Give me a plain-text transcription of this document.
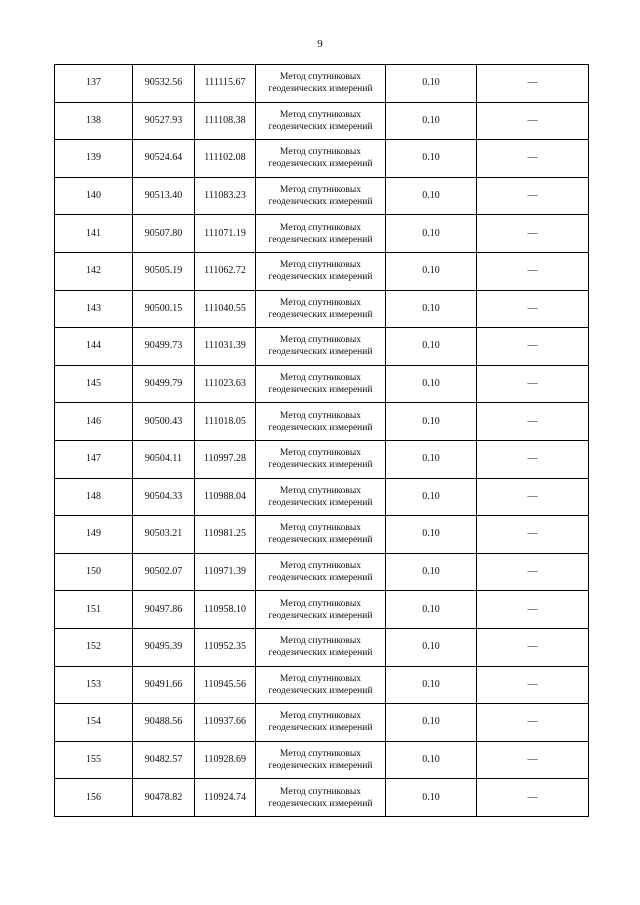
9
137	90532.56	111115.67	Метод спутниковых
геодезических измерений	0.10	—
138	90527.93	111108.38	Метод спутниковых
геодезических измерений	0.10	—
139	90524.64	111102.08	Метод спутниковых
геодезических измерений	0.10	—
140	90513.40	111083.23	Метод спутниковых
геодезических измерений	0.10	—
141	90507.80	111071.19	Метод спутниковых
геодезических измерений	0.10	—
142	90505.19	111062.72	Метод спутниковых
геодезических измерений	0.10	—
143	90500.15	111040.55	Метод спутниковых
геодезических измерений	0.10	—
144	90499.73	111031.39	Метод спутниковых
геодезических измерений	0.10	—
145	90499.79	111023.63	Метод спутниковых
геодезических измерений	0.10	—
146	90500.43	111018.05	Метод спутниковых
геодезических измерений	0.10	—
147	90504.11	110997.28	Метод спутниковых
геодезических измерений	0.10	—
148	90504.33	110988.04	Метод спутниковых
геодезических измерений	0.10	—
149	90503.21	110981.25	Метод спутниковых
геодезических измерений	0.10	—
150	90502.07	110971.39	Метод спутниковых
геодезических измерений	0.10	—
151	90497.86	110958.10	Метод спутниковых
геодезических измерений	0.10	—
152	90495.39	110952.35	Метод спутниковых
геодезических измерений	0.10	—
153	90491.66	110945.56	Метод спутниковых
геодезических измерений	0.10	—
154	90488.56	110937.66	Метод спутниковых
геодезических измерений	0.10	—
155	90482.57	110928.69	Метод спутниковых
геодезических измерений	0.10	—
156	90478.82	110924.74	Метод спутниковых
геодезических измерений	0.10	—
